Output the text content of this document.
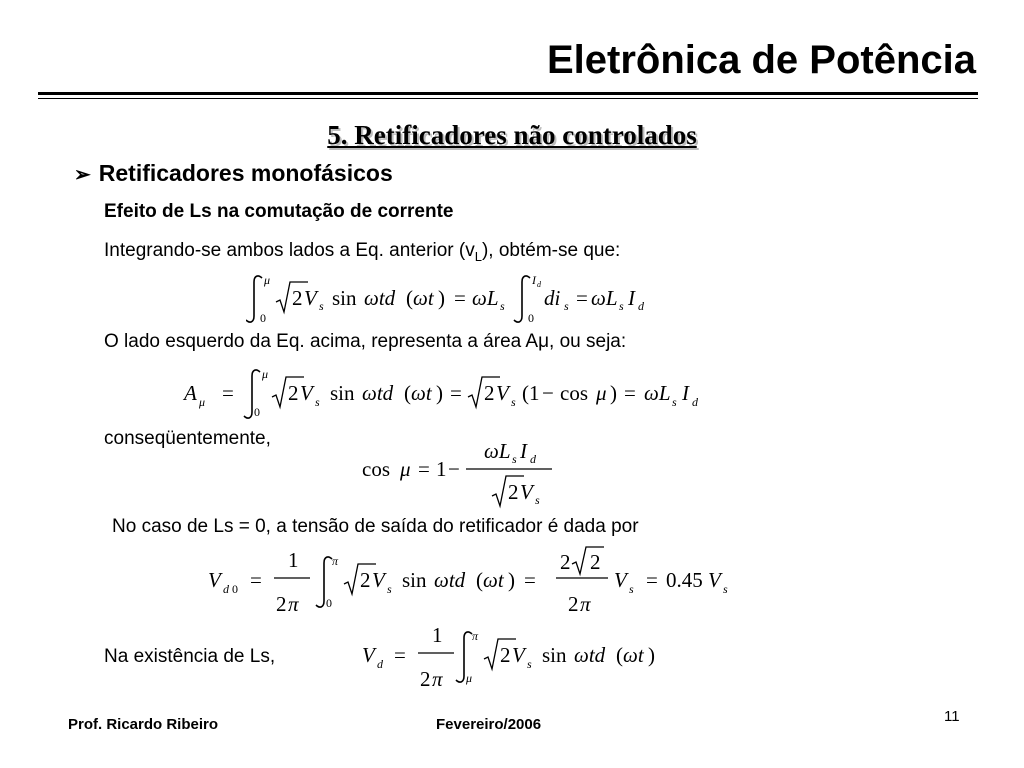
Eletrônica de Potência
5. Retificadores não controlados
➢ Retificadores monofásicos
Efeito de Ls na comutação de corrente
Integrando-se ambos lados a Eq. anterior $(v_L)$, obtém-se que:
μ
0
2 V s sin ωtd ( ωt ) = ωL s
I d
0
di s = ωL s I d
O lado esquerdo da Eq. acima, representa a área Aμ, ou seja:
A μ =
μ
0
2 V s sin ωtd ( ωt ) = 2 V s (1 − cos μ ) = ωL s I d
conseqüentemente,
cos μ = 1 −
ωL s I d
2 V s
No caso de Ls = 0, a tensão de saída do retificador é dada por
V d 0 =
1
2 π
π
0
2 V s sin ωtd ( ωt ) =
2 2
2 π
V s = 0.45 V s
Na existência de Ls,	V d =
1
2 π
π
μ
2 V s sin ωtd ( ωt )
Prof. Ricardo Ribeiro	Fevereiro/2006	11
